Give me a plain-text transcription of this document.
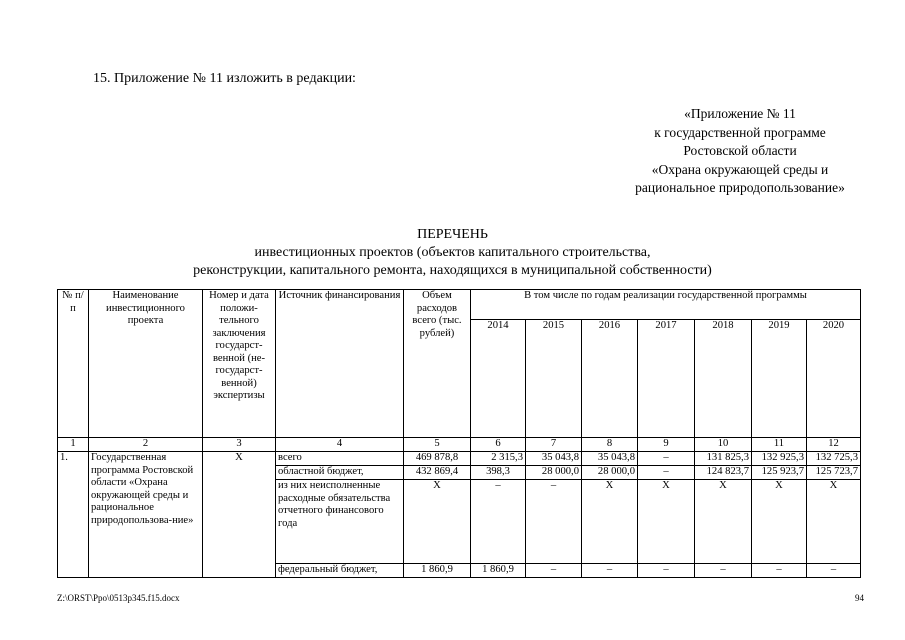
15. Приложение № 11 изложить в редакции:
«Приложение № 11
к государственной программе
Ростовской области
«Охрана окружающей среды и
рациональное природопользование»
ПЕРЕЧЕНЬ
инвестиционных проектов (объектов капитального строительства,
реконструкции, капитального ремонта, находящихся в муниципальной собственности)
№ п/п	Наименование инвестиционного проекта	Номер и дата положи-тельного заключения государст-венной (не-государст-венной) экспертизы	Источник финансирования	Объем расходов всего (тыс. рублей)	В том числе по годам реализации государственной программы						
					2014	2015	2016	2017	2018	2019	2020
1	2	3	4	5	6	7	8	9	10	11	12
1.	Государственная программа Ростовской области «Охрана окружающей среды и рациональное природопользова-ние»	Х	всего	469 878,8	2 315,3	35 043,8	35 043,8	–	131 825,3	132 925,3	132 725,3
			областной бюджет,	432 869,4	398,3	28 000,0	28 000,0	–	124 823,7	125 923,7	125 723,7
			из них неисполненные расходные обязательства отчетного финансового года	Х	–	–	Х	Х	Х	Х	Х
			федеральный бюджет,	1 860,9	1 860,9	–	–	–	–	–	–
Z:\ORST\Ppo\0513p345.f15.docx	94
